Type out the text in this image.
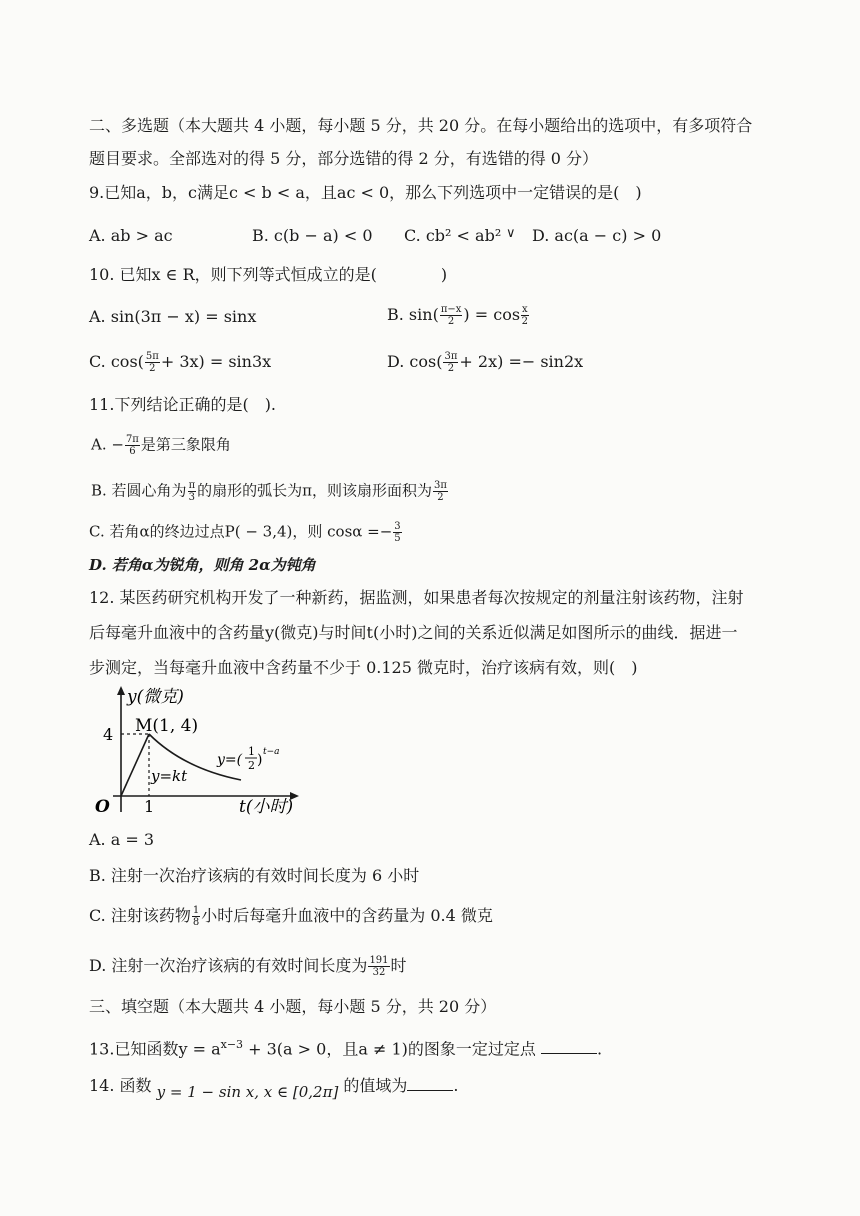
二、多选题（本大题共 4 小题，每小题 5 分，共 20 分。在每小题给出的选项中，有多项符合
题目要求。全部选对的得 5 分，部分选错的得 2 分，有选错的得 0 分）
9.已知a，b，c满足c < b < a，且ac < 0，那么下列选项中一定错误的是(　)
A. ab > ac	B. c(b − a) < 0 C. cb² < ab² ∨ D. ac(a − c) > 0
10. 已知x ∈ R，则下列等式恒成立的是(　　　　)
A. sin(3π − x) = sinx	B. $\sin( \frac{\pi-x}{2}$ ) = $\cos \frac{x}{2}$
C. $\cos( \frac{5\pi}{2} + 3x) = \sin 3x$	D. $\cos( \frac{3\pi}{2} + 2x) =- \sin 2x$
11.下列结论正确的是(　).
A. − $\frac{7\pi}{6}$ 是第三象限角
B. 若圆心角为 $\frac{\pi}{3}$ 的扇形的弧长为π，则该扇形面积为 $\frac{3\pi}{2}$
C. 若角α的终边过点P( − 3,4)，则 $\cos\alpha =- \frac{3}{5}$
D. 若角α为锐角，则角 2α为钝角
12. 某医药研究机构开发了一种新药，据监测，如果患者每次按规定的剂量注射该药物，注射
后每毫升血液中的含药量y(微克)与时间t(小时)之间的关系近似满足如图所示的曲线．据进一
步测定，当每毫升血液中含药量不少于 0.125 微克时，治疗该病有效，则(　)
y(微克)
M(1, 4)
4
y=kt
y=(
1
2 ) t−a
O 1	t(小时)
A. a = 3
B. 注射一次治疗该病的有效时间长度为 6 小时
C. 注射该药物 $\frac{1}{8}$ 小时后每毫升血液中的含药量为 0.4 微克
D. 注射一次治疗该病的有效时间长度为 $\frac{191}{32}$ 时
三、填空题（本大题共 4 小题，每小题 5 分，共 20 分）
13.已知函数$y = a^{x-3} + 3(a > 0$，且a ≠ 1)的图象一定过定点	.
14. 函数 y = 1 − sin x, x ∈ [0,2π] 的值域为	.
